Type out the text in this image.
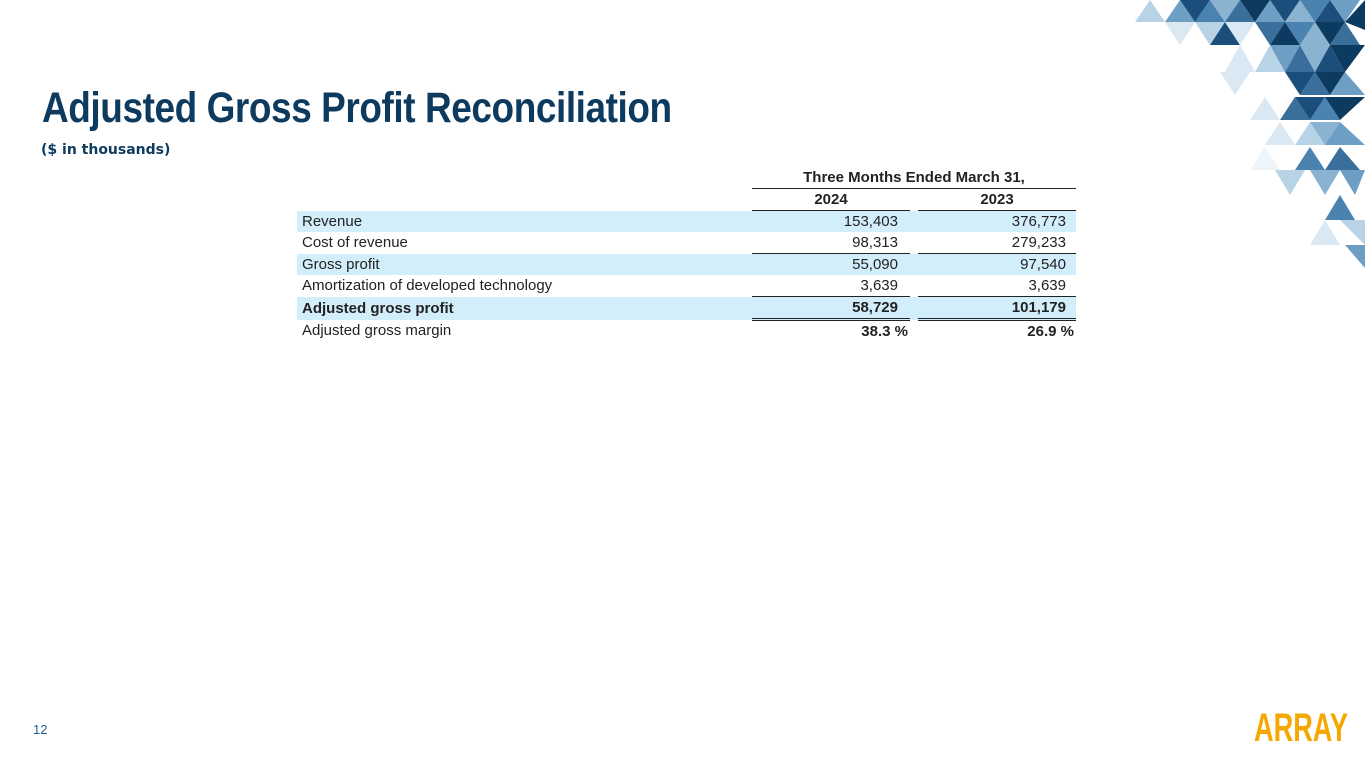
Adjusted Gross Profit Reconciliation
($ in thousands)
	Three Months Ended March 31,		
	2024		2023
Revenue	153,403		376,773
Cost of revenue	98,313		279,233
Gross profit	55,090		97,540
Amortization of developed technology	3,639		3,639
Adjusted gross profit	58,729		101,179
Adjusted gross margin	38.3 %		26.9 %
12	ARRAY
